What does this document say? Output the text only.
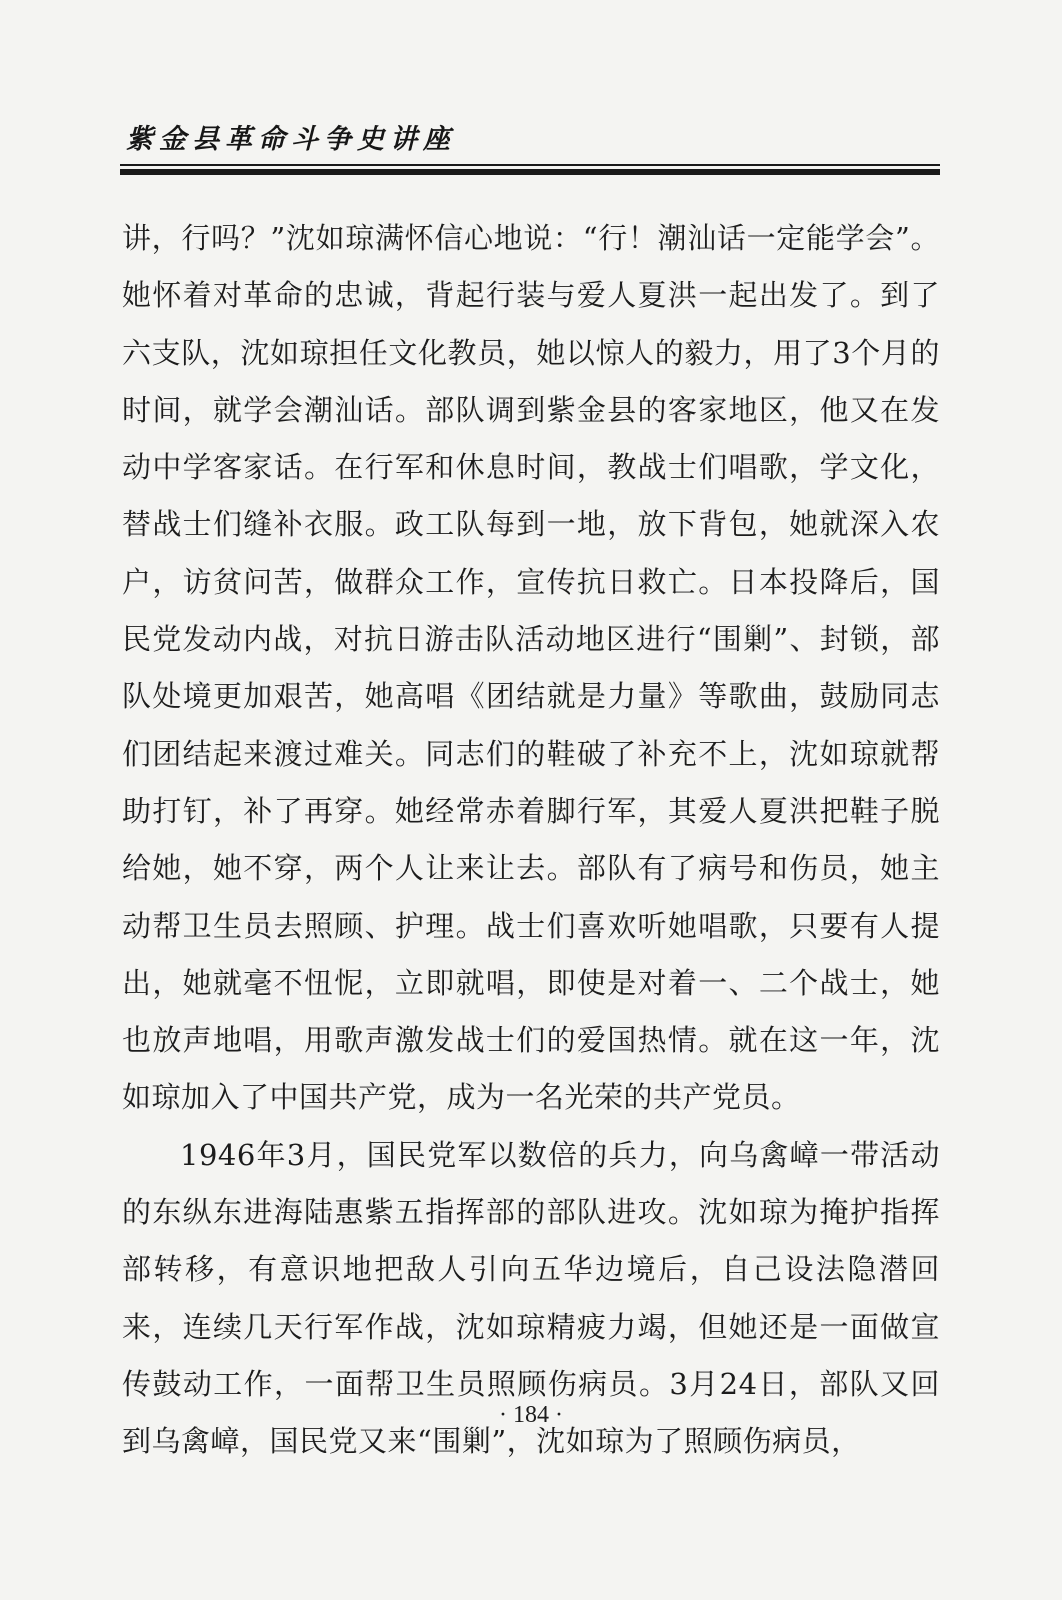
紫金县革命斗争史讲座

讲，行吗？”沈如琼满怀信心地说：“行！潮汕话一定能学会”。她怀着对革命的忠诚，背起行装与爱人夏洪一起出发了。到了六支队，沈如琼担任文化教员，她以惊人的毅力，用了3个月的时间，就学会潮汕话。部队调到紫金县的客家地区，他又在发动中学客家话。在行军和休息时间，教战士们唱歌，学文化，替战士们缝补衣服。政工队每到一地，放下背包，她就深入农户，访贫问苦，做群众工作，宣传抗日救亡。日本投降后，国民党发动内战，对抗日游击队活动地区进行“围剿”、封锁，部队处境更加艰苦，她高唱《团结就是力量》等歌曲，鼓励同志们团结起来渡过难关。同志们的鞋破了补充不上，沈如琼就帮助打钉，补了再穿。她经常赤着脚行军，其爱人夏洪把鞋子脱给她，她不穿，两个人让来让去。部队有了病号和伤员，她主动帮卫生员去照顾、护理。战士们喜欢听她唱歌，只要有人提出，她就毫不忸怩，立即就唱，即使是对着一、二个战士，她也放声地唱，用歌声激发战士们的爱国热情。就在这一年，沈如琼加入了中国共产党，成为一名光荣的共产党员。

1946年3月，国民党军以数倍的兵力，向乌禽嶂一带活动的东纵东进海陆惠紫五指挥部的部队进攻。沈如琼为掩护指挥部转移，有意识地把敌人引向五华边境后，自己设法隐潜回来，连续几天行军作战，沈如琼精疲力竭，但她还是一面做宣传鼓动工作，一面帮卫生员照顾伤病员。3月24日，部队又回到乌禽嶂，国民党又来“围剿”，沈如琼为了照顾伤病员，

· 184 ·
